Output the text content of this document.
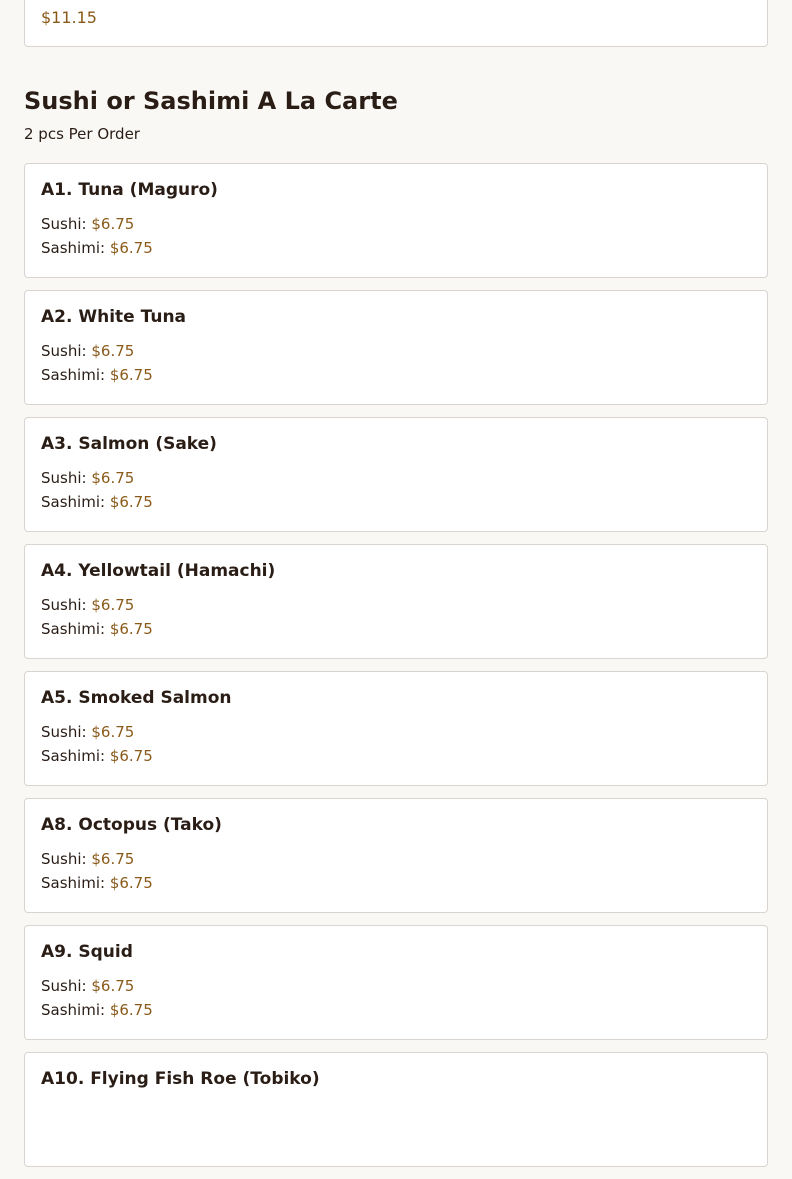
$11.15
Sushi or Sashimi A La Carte
2 pcs Per Order
A1. Tuna (Maguro)
Sushi: $6.75
Sashimi: $6.75
A2. White Tuna
Sushi: $6.75
Sashimi: $6.75
A3. Salmon (Sake)
Sushi: $6.75
Sashimi: $6.75
A4. Yellowtail (Hamachi)
Sushi: $6.75
Sashimi: $6.75
A5. Smoked Salmon
Sushi: $6.75
Sashimi: $6.75
A8. Octopus (Tako)
Sushi: $6.75
Sashimi: $6.75
A9. Squid
Sushi: $6.75
Sashimi: $6.75
A10. Flying Fish Roe (Tobiko)
